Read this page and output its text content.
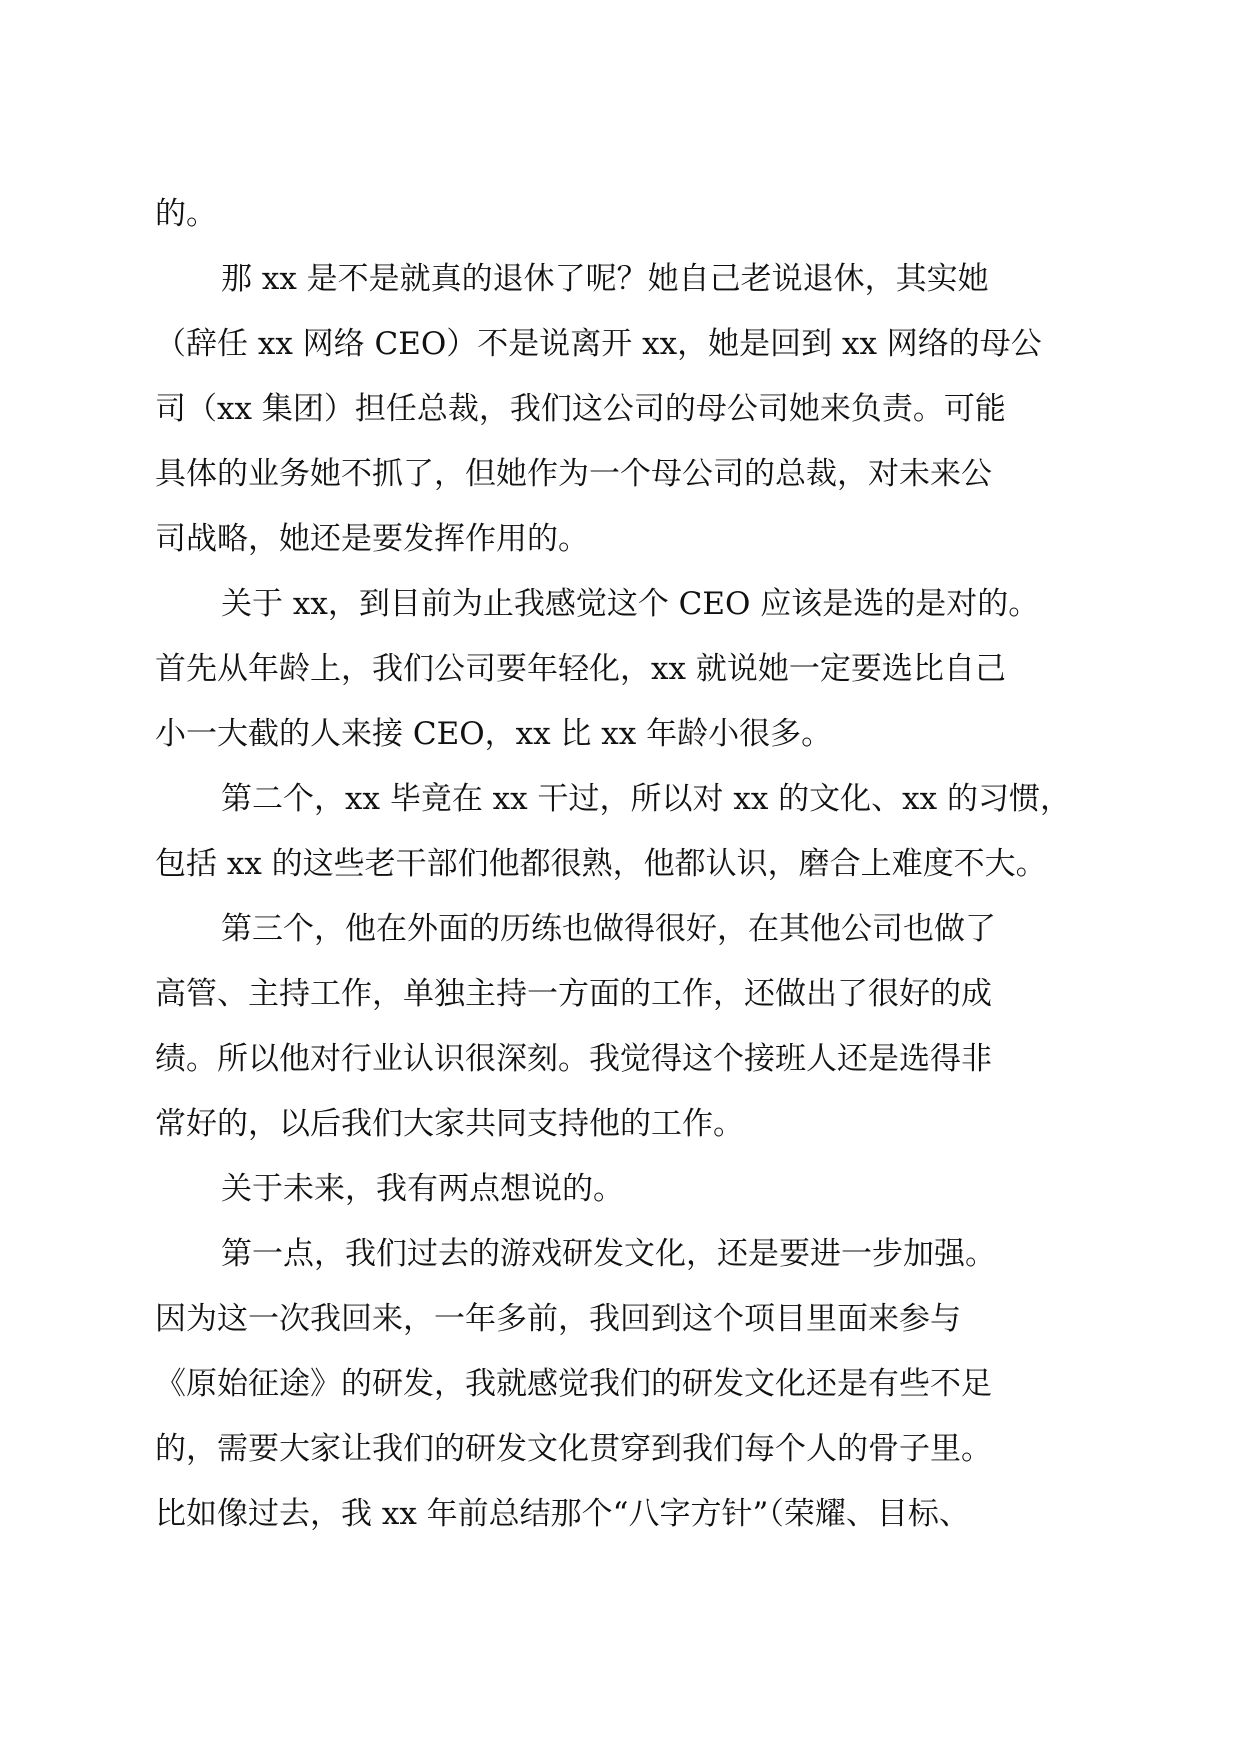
的。
那 xx 是不是就真的退休了呢？她自己老说退休，其实她
（辞任 xx 网络 CEO）不是说离开 xx，她是回到 xx 网络的母公
司（xx 集团）担任总裁，我们这公司的母公司她来负责。可能
具体的业务她不抓了，但她作为一个母公司的总裁，对未来公
司战略，她还是要发挥作用的。
关于 xx，到目前为止我感觉这个 CEO 应该是选的是对的。
首先从年龄上，我们公司要年轻化，xx 就说她一定要选比自己
小一大截的人来接 CEO，xx 比 xx 年龄小很多。
第二个，xx 毕竟在 xx 干过，所以对 xx 的文化、xx 的习惯，
包括 xx 的这些老干部们他都很熟，他都认识，磨合上难度不大。
第三个，他在外面的历练也做得很好，在其他公司也做了
高管、主持工作，单独主持一方面的工作，还做出了很好的成
绩。所以他对行业认识很深刻。我觉得这个接班人还是选得非
常好的，以后我们大家共同支持他的工作。
关于未来，我有两点想说的。
第一点，我们过去的游戏研发文化，还是要进一步加强。
因为这一次我回来，一年多前，我回到这个项目里面来参与
《原始征途》的研发，我就感觉我们的研发文化还是有些不足
的，需要大家让我们的研发文化贯穿到我们每个人的骨子里。
比如像过去，我 xx 年前总结那个“八字方针”（荣耀、目标、
